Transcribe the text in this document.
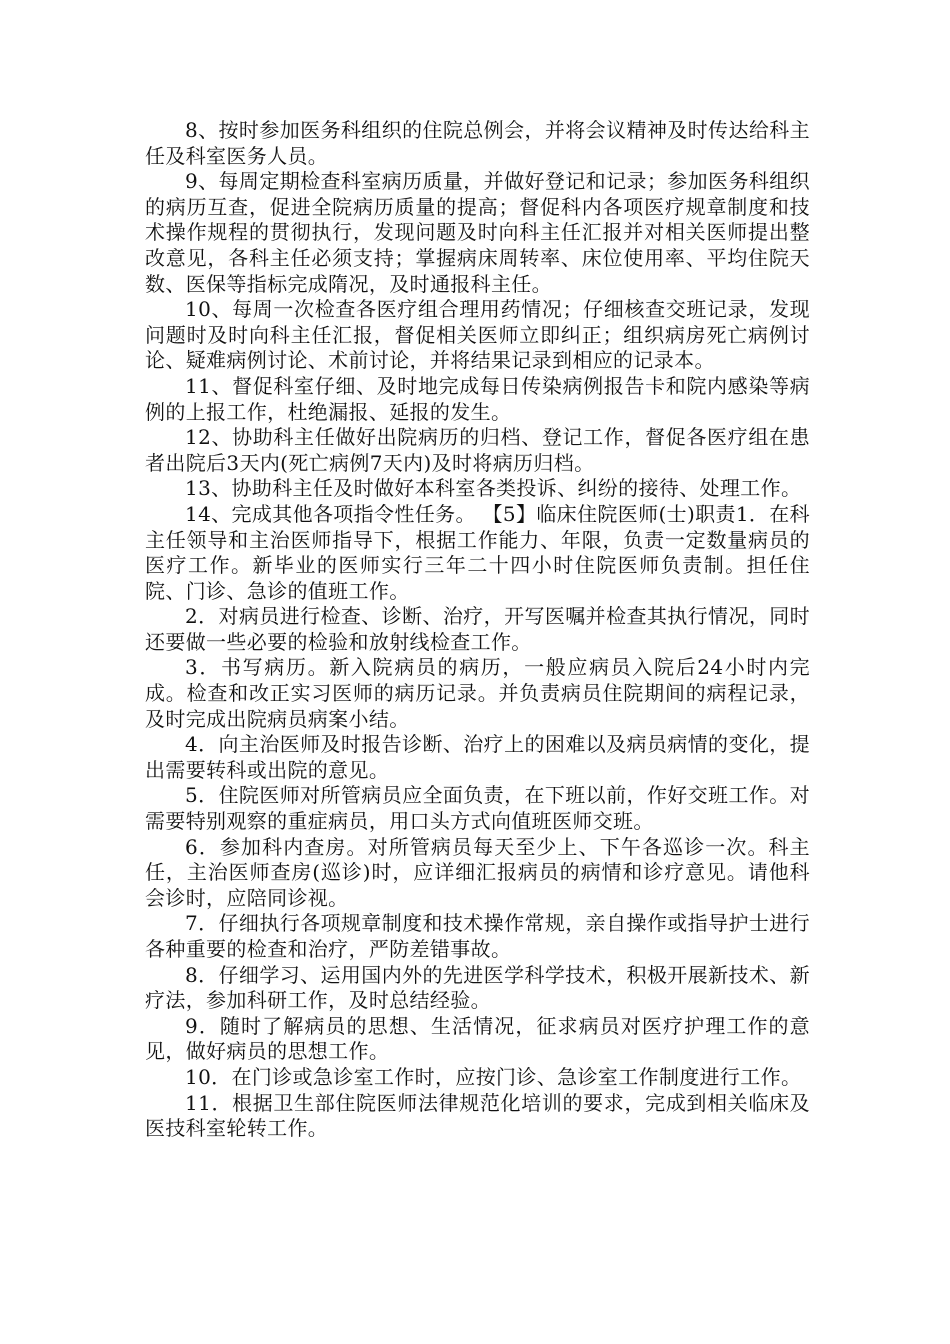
8、按时参加医务科组织的住院总例会，并将会议精神及时传达给科主任及科室医务人员。

9、每周定期检查科室病历质量，并做好登记和记录；参加医务科组织的病历互查，促进全院病历质量的提高；督促科内各项医疗规章制度和技术操作规程的贯彻执行，发现问题及时向科主任汇报并对相关医师提出整改意见，各科主任必须支持；掌握病床周转率、床位使用率、平均住院天数、医保等指标完成隋况，及时通报科主任。

10、每周一次检查各医疗组合理用药情况；仔细核查交班记录，发现问题时及时向科主任汇报，督促相关医师立即纠正；组织病房死亡病例讨论、疑难病例讨论、术前讨论，并将结果记录到相应的记录本。

11、督促科室仔细、及时地完成每日传染病例报告卡和院内感染等病例的上报工作，杜绝漏报、延报的发生。

12、协助科主任做好出院病历的归档、登记工作，督促各医疗组在患者出院后3天内(死亡病例7天内)及时将病历归档。

13、协助科主任及时做好本科室各类投诉、纠纷的接待、处理工作。

14、完成其他各项指令性任务。 【5】临床住院医师(士)职责1．在科主任领导和主治医师指导下，根据工作能力、年限，负责一定数量病员的医疗工作。新毕业的医师实行三年二十四小时住院医师负责制。担任住院、门诊、急诊的值班工作。

2．对病员进行检查、诊断、治疗，开写医嘱并检查其执行情况，同时还要做一些必要的检验和放射线检查工作。

3．书写病历。新入院病员的病历，一般应病员入院后24小时内完成。检查和改正实习医师的病历记录。并负责病员住院期间的病程记录，及时完成出院病员病案小结。

4．向主治医师及时报告诊断、治疗上的困难以及病员病情的变化，提出需要转科或出院的意见。

5．住院医师对所管病员应全面负责，在下班以前，作好交班工作。对需要特别观察的重症病员，用口头方式向值班医师交班。

6．参加科内查房。对所管病员每天至少上、下午各巡诊一次。科主任，主治医师查房(巡诊)时，应详细汇报病员的病情和诊疗意见。请他科会诊时，应陪同诊视。

7．仔细执行各项规章制度和技术操作常规，亲自操作或指导护士进行各种重要的检查和治疗，严防差错事故。

8．仔细学习、运用国内外的先进医学科学技术，积极开展新技术、新疗法，参加科研工作，及时总结经验。

9．随时了解病员的思想、生活情况，征求病员对医疗护理工作的意见，做好病员的思想工作。

10．在门诊或急诊室工作时，应按门诊、急诊室工作制度进行工作。

11．根据卫生部住院医师法律规范化培训的要求，完成到相关临床及医技科室轮转工作。
